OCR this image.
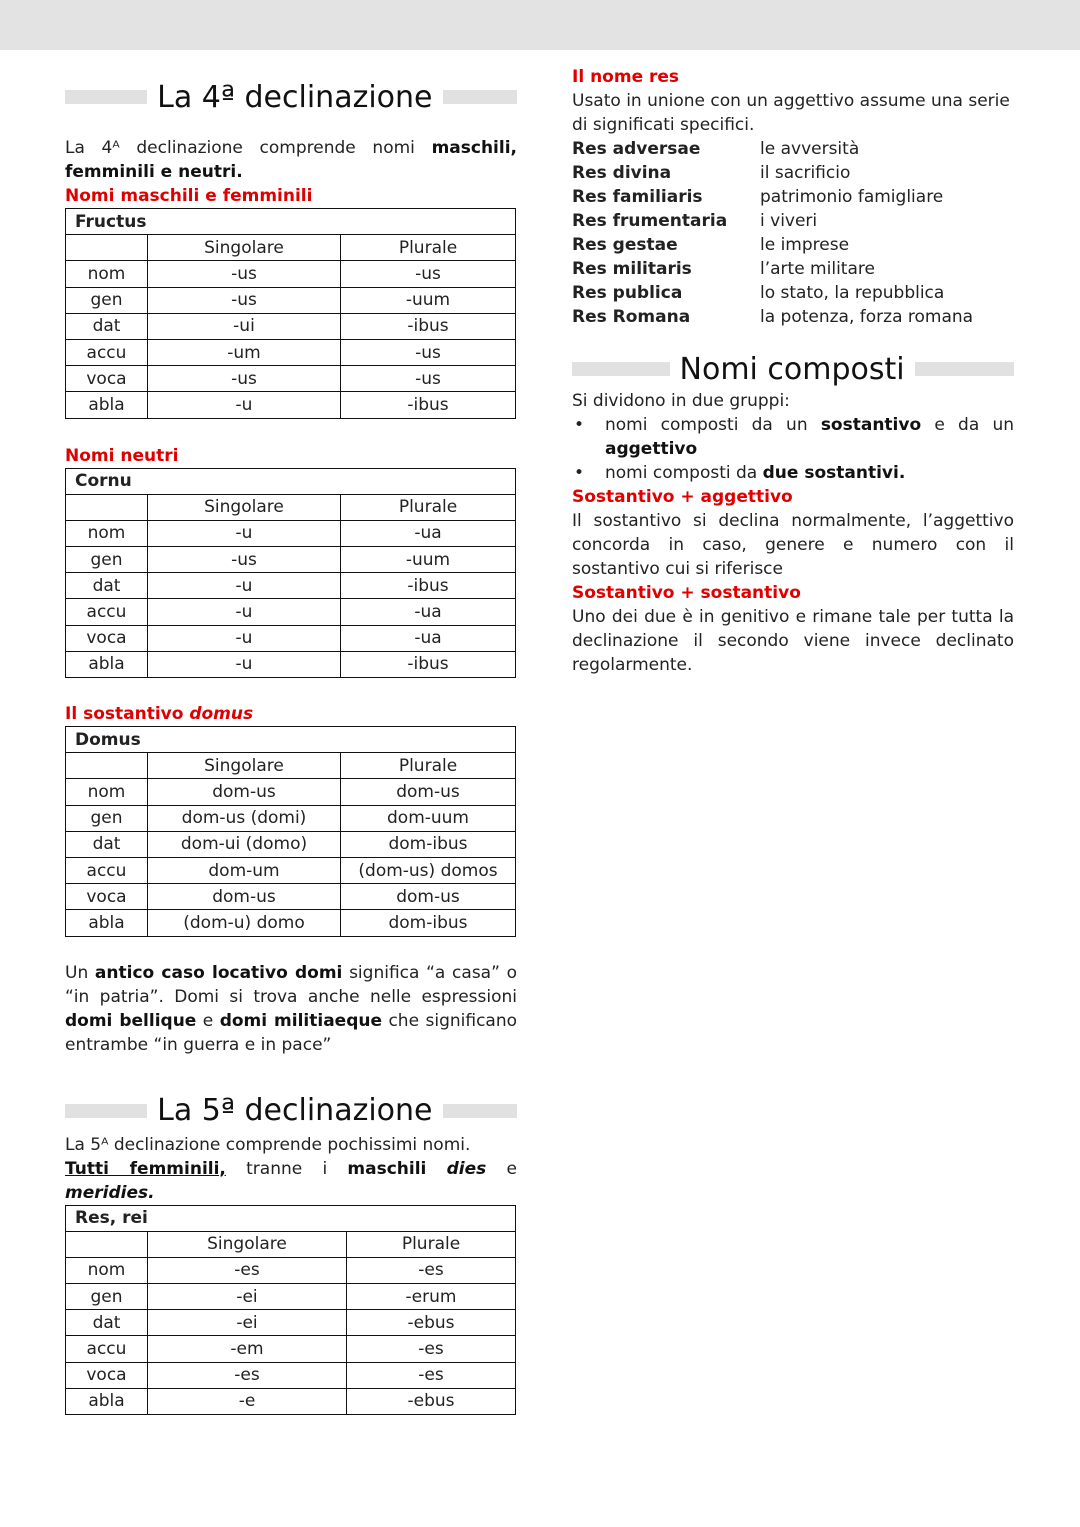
La 4ª declinazione

La 4ᴬ declinazione comprende nomi maschili, femminili e neutri.

Nomi maschili e femminili
Fructus		
	Singolare	Plurale
nom	-us	-us
gen	-us	-uum
dat	-ui	-ibus
accu	-um	-us
voca	-us	-us
abla	-u	-ibus
Nomi neutri
Cornu		
	Singolare	Plurale
nom	-u	-ua
gen	-us	-uum
dat	-u	-ibus
accu	-u	-ua
voca	-u	-ua
abla	-u	-ibus
Il sostantivo domus
Domus		
	Singolare	Plurale
nom	dom-us	dom-us
gen	dom-us (domi)	dom-uum
dat	dom-ui (domo)	dom-ibus
accu	dom-um	(dom-us) domos
voca	dom-us	dom-us
abla	(dom-u) domo	dom-ibus

Un antico caso locativo domi significa “a casa” o “in patria”. Domi si trova anche nelle espressioni domi bellique e domi militiaeque che significano entrambe “in guerra e in pace”

La 5ª declinazione

La 5ᴬ declinazione comprende pochissimi nomi.
Tutti femminili, tranne i maschili dies e meridies.

Res, rei		
	Singolare	Plurale
nom	-es	-es
gen	-ei	-erum
dat	-ei	-ebus
accu	-em	-es
voca	-es	-es
abla	-e	-ebus
Il nome res

Usato in unione con un aggettivo assume una serie di significati specifici.

Res adversae	le avversità
Res divina	il sacrificio
Res familiaris	patrimonio famigliare
Res frumentaria	i viveri
Res gestae	le imprese
Res militaris	l’arte militare
Res publica	lo stato, la repubblica
Res Romana	la potenza, forza romana
Nomi composti

Si dividono in due gruppi:

• nomi composti da un sostantivo e da un aggettivo
• nomi composti da due sostantivi.
Sostantivo + aggettivo

Il sostantivo si declina normalmente, l’aggettivo concorda in caso, genere e numero con il sostantivo cui si riferisce

Sostantivo + sostantivo

Uno dei due è in genitivo e rimane tale per tutta la declinazione il secondo viene invece declinato regolarmente.
